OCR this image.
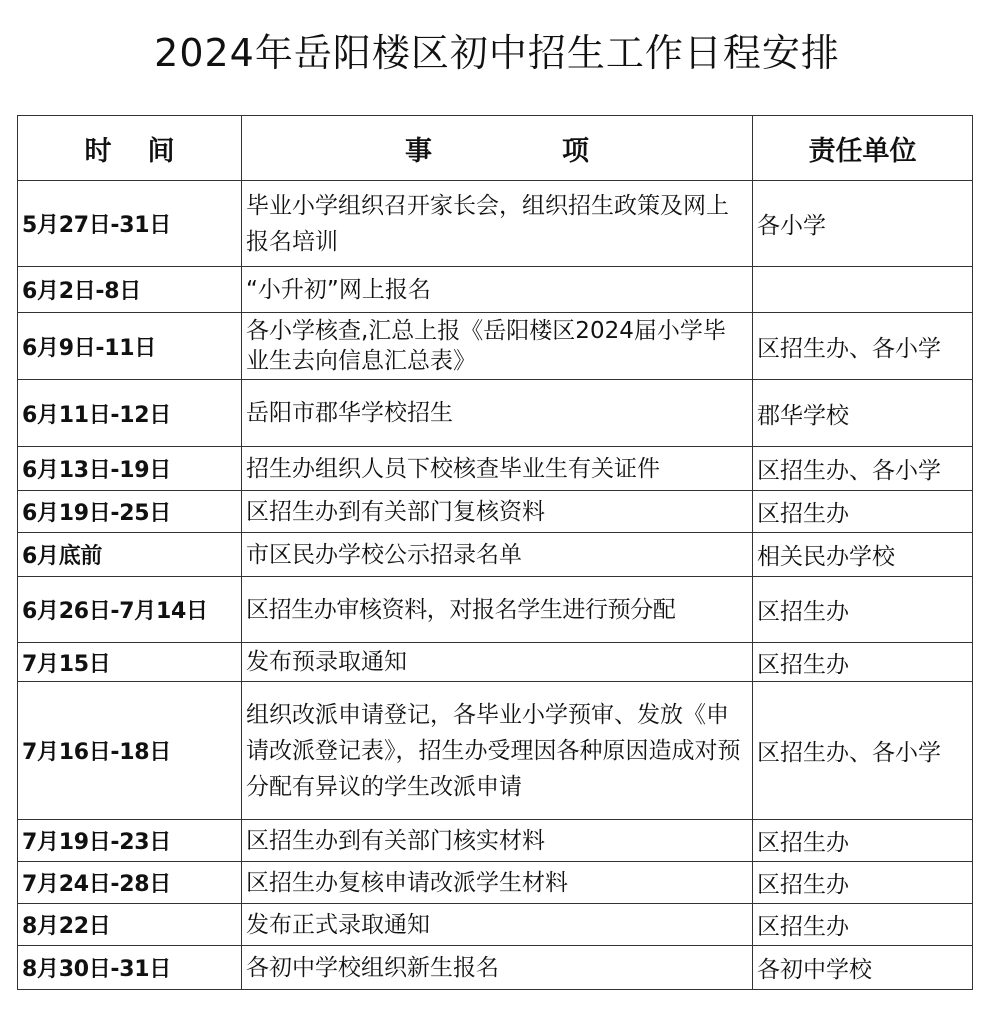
2024年岳阳楼区初中招生工作日程安排
时 间	事 项	责任单位
5月27日-31日	毕业小学组织召开家长会，组织招生政策及网上报名培训	各小学
6月2日-8日	“小升初”网上报名	
6月9日-11日	各小学核查,汇总上报《岳阳楼区2024届小学毕业生去向信息汇总表》	区招生办、各小学
6月11日-12日	岳阳市郡华学校招生	郡华学校
6月13日-19日	招生办组织人员下校核查毕业生有关证件	区招生办、各小学
6月19日-25日	区招生办到有关部门复核资料	区招生办
6月底前	市区民办学校公示招录名单	相关民办学校
6月26日-7月14日	区招生办审核资料，对报名学生进行预分配	区招生办
7月15日	发布预录取通知	区招生办
7月16日-18日	组织改派申请登记，各毕业小学预审、发放《申请改派登记表》，招生办受理因各种原因造成对预分配有异议的学生改派申请	区招生办、各小学
7月19日-23日	区招生办到有关部门核实材料	区招生办
7月24日-28日	区招生办复核申请改派学生材料	区招生办
8月22日	发布正式录取通知	区招生办
8月30日-31日	各初中学校组织新生报名	各初中学校
